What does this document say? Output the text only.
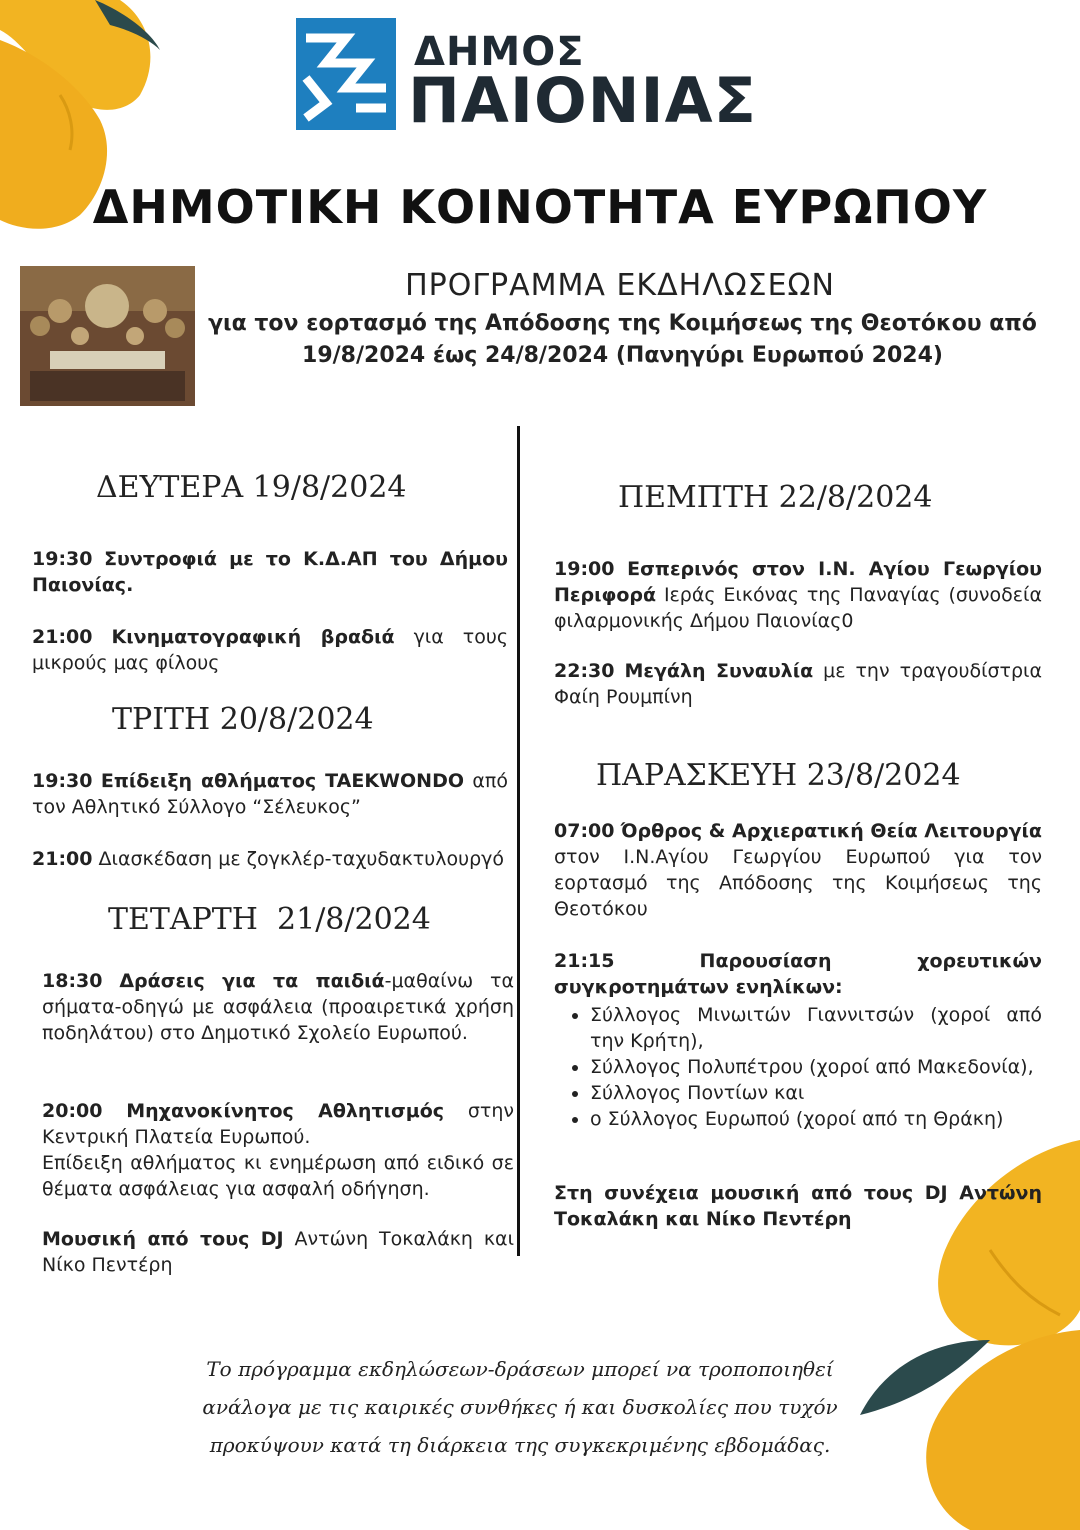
ΔΗΜΟΣ
ΠΑΙΟΝΙΑΣ
ΔΗΜΟΤΙΚΗ ΚΟΙΝΟΤΗΤΑ ΕΥΡΩΠΟΥ
ΠΡΟΓΡΑΜΜΑ ΕΚΔΗΛΩΣΕΩΝ
για τον εορτασμό της Απόδοσης της Κοιμήσεως της Θεοτόκου από
19/8/2024 έως 24/8/2024 (Πανηγύρι Ευρωπού 2024)
ΔΕΥΤΕΡΑ 19/8/2024
19:30 Συντροφιά με το Κ.Δ.ΑΠ του Δήμου Παιονίας.
21:00 Κινηματογραφική βραδιά για τους μικρούς μας φίλους
ΤΡΙΤΗ 20/8/2024
19:30 Επίδειξη αθλήματος TAEKWONDO από τον Αθλητικό Σύλλογο “Σέλευκος”
21:00 Διασκέδαση με ζογκλέρ-ταχυδακτυλουργό
ΤΕΤΑΡΤΗ  21/8/2024
18:30 Δράσεις για τα παιδιά-μαθαίνω τα σήματα-οδηγώ με ασφάλεια (προαιρετικά χρήση ποδηλάτου) στο Δημοτικό Σχολείο Ευρωπού.
20:00 Μηχανοκίνητος Αθλητισμός στην Κεντρική Πλατεία Ευρωπού.
Επίδειξη αθλήματος κι ενημέρωση από ειδικό σε θέματα ασφάλειας για ασφαλή οδήγηση.
Μουσική από τους DJ Αντώνη Τοκαλάκη και Νίκο Πεντέρη
ΠΕΜΠΤΗ 22/8/2024
19:00 Εσπερινός στον Ι.Ν. Αγίου Γεωργίου Περιφορά Ιεράς Εικόνας της Παναγίας (συνοδεία φιλαρμονικής Δήμου Παιονίας0
22:30 Μεγάλη Συναυλία με την τραγουδίστρια Φαίη Ρουμπίνη
ΠΑΡΑΣΚΕΥΗ 23/8/2024
07:00 Όρθρος & Αρχιερατική Θεία Λειτουργία στον Ι.Ν.Αγίου Γεωργίου Ευρωπού για τον εορτασμό της Απόδοσης της Κοιμήσεως της Θεοτόκου
21:15	Παρουσίαση χορευτικών συγκροτημάτων ενηλίκων:
• Σύλλογος Μινωιτών Γιαννιτσών (χοροί από την Κρήτη),
• Σύλλογος Πολυπέτρου (χοροί από Μακεδονία),
• Σύλλογος Ποντίων και
• ο Σύλλογος Ευρωπού (χοροί από τη Θράκη)
Στη συνέχεια μουσική από τους DJ Αντώνη Τοκαλάκη και Νίκο Πεντέρη
Το πρόγραμμα εκδηλώσεων-δράσεων μπορεί να τροποποιηθεί ανάλογα με τις καιρικές συνθήκες ή και δυσκολίες που τυχόν προκύψουν κατά τη διάρκεια της συγκεκριμένης εβδομάδας.
